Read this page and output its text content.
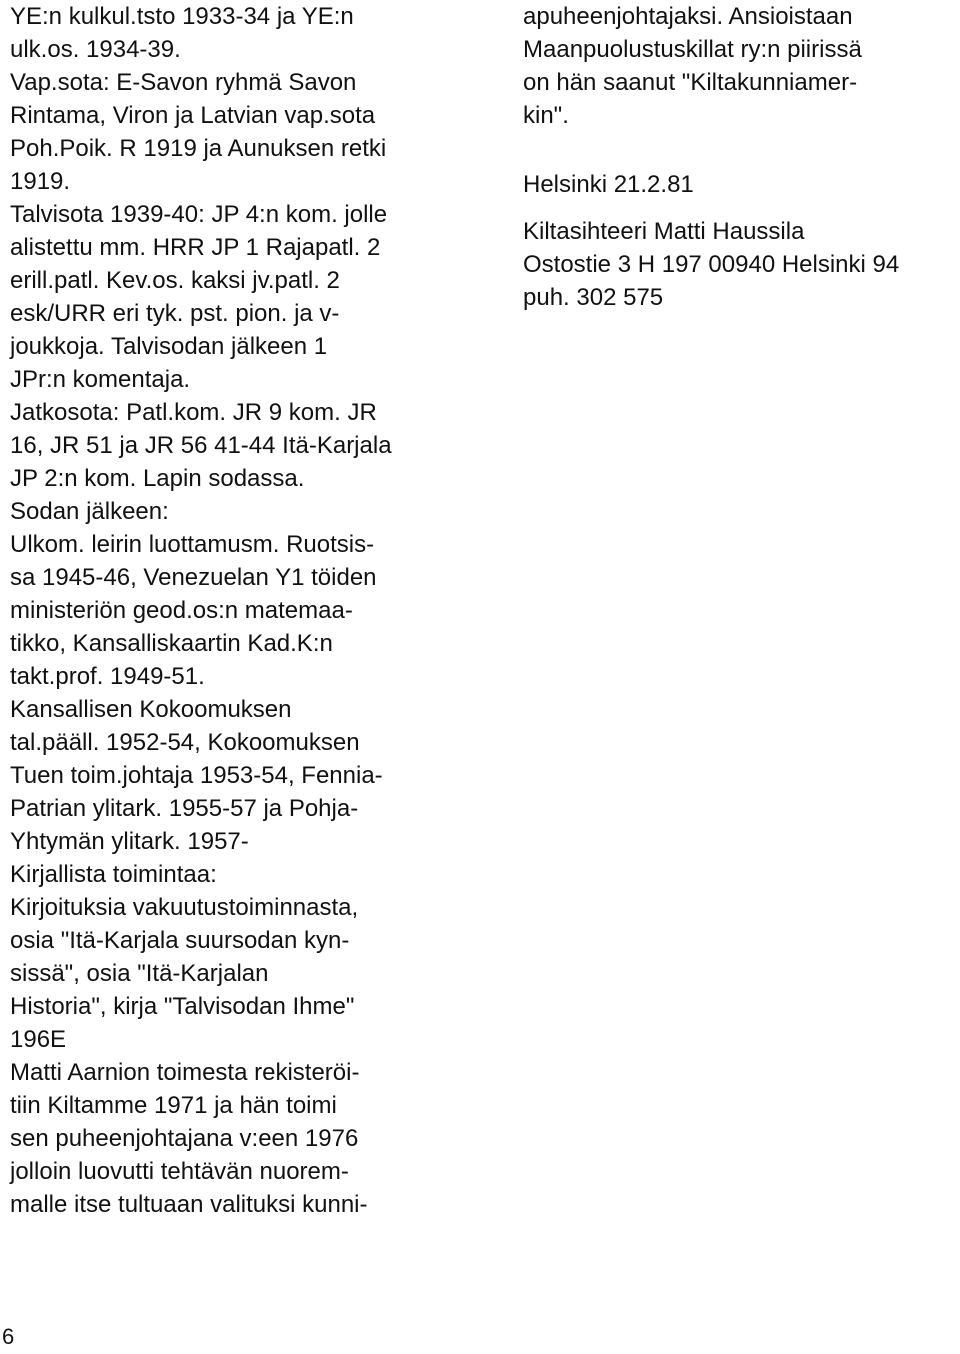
YE:n kulkul.tsto 1933-34 ja YE:n
ulk.os. 1934-39.
Vap.sota: E-Savon ryhmä Savon
Rintama, Viron ja Latvian vap.sota
Poh.Poik. R 1919 ja Aunuksen retki
1919.
Talvisota 1939-40: JP 4:n kom. jolle
alistettu mm. HRR JP 1 Rajapatl. 2
erill.patl. Kev.os. kaksi jv.patl. 2
esk/URR eri tyk. pst. pion. ja v-
joukkoja. Talvisodan jälkeen 1
JPr:n komentaja.
Jatkosota: Patl.kom. JR 9 kom. JR
16, JR 51 ja JR 56 41-44 Itä-Karjala
JP 2:n kom. Lapin sodassa.
Sodan jälkeen:
Ulkom. leirin luottamusm. Ruotsis-
sa 1945-46, Venezuelan Y1 töiden
ministeriön geod.os:n matemaa-
tikko, Kansalliskaartin Kad.K:n
takt.prof. 1949-51.
Kansallisen Kokoomuksen
tal.pääll. 1952-54, Kokoomuksen
Tuen toim.johtaja 1953-54, Fennia-
Patrian ylitark. 1955-57 ja Pohja-
Yhtymän ylitark. 1957-
Kirjallista toimintaa:
Kirjoituksia vakuutustoiminnasta,
osia "Itä-Karjala suursodan kyn-
sissä", osia "Itä-Karjalan
Historia", kirja "Talvisodan Ihme"
196E
Matti Aarnion toimesta rekisteröi-
tiin Kiltamme 1971 ja hän toimi
sen puheenjohtajana v:een 1976
jolloin luovutti tehtävän nuorem-
malle itse tultuaan valituksi kunni-
apuheenjohtajaksi. Ansioistaan
Maanpuolustuskillat ry:n piirissä
on hän saanut "Kiltakunniamer-
kin".
Helsinki 21.2.81
Kiltasihteeri Matti Haussila
Ostostie 3 H 197 00940 Helsinki 94
puh. 302 575
6
